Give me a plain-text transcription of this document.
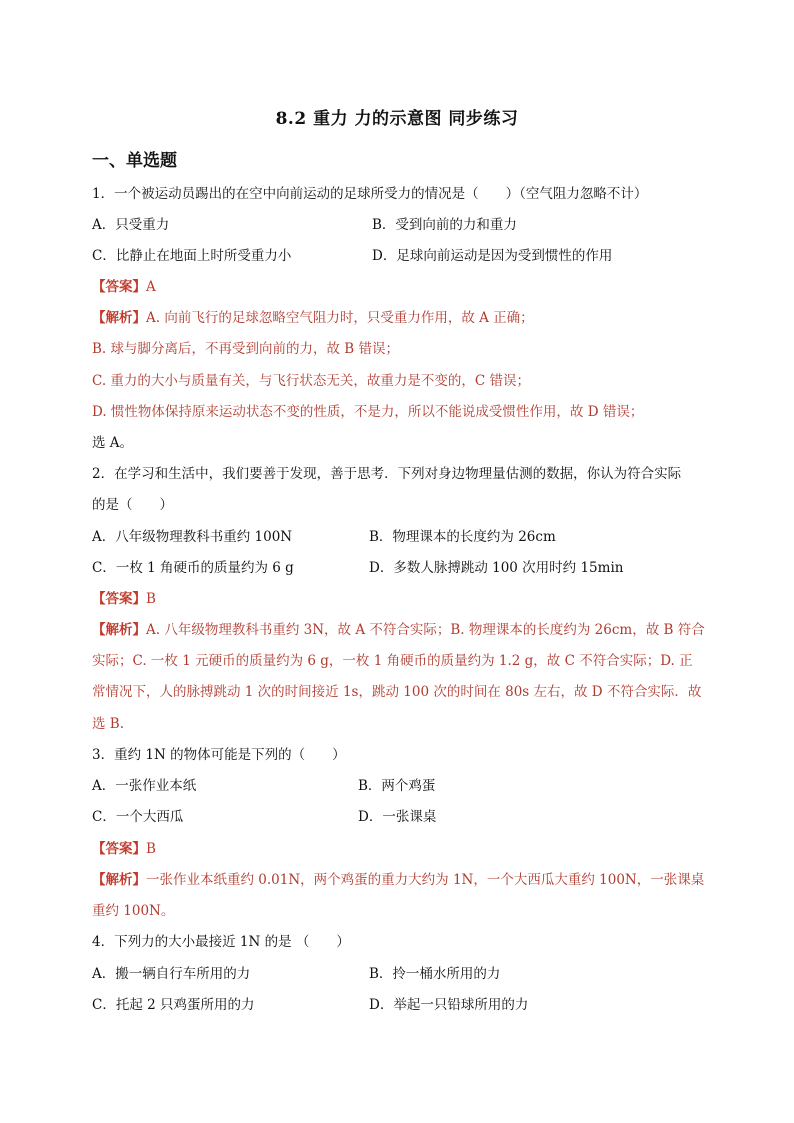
8.2 重力 力的示意图 同步练习
一、单选题
1．一个被运动员踢出的在空中向前运动的足球所受力的情况是（　　）（空气阻力忽略不计）
A．只受重力	B．受到向前的力和重力
C．比静止在地面上时所受重力小	D．足球向前运动是因为受到惯性的作用
【答案】A
【解析】A. 向前飞行的足球忽略空气阻力时，只受重力作用，故 A 正确；
B. 球与脚分离后，不再受到向前的力，故 B 错误；
C. 重力的大小与质量有关，与飞行状态无关，故重力是不变的，C 错误；
D. 惯性物体保持原来运动状态不变的性质，不是力，所以不能说成受惯性作用，故 D 错误；
选 A。
2．在学习和生活中，我们要善于发现，善于思考．下列对身边物理量估测的数据，你认为符合实际
的是（　　）
A．八年级物理教科书重约 100N	B．物理课本的长度约为 26cm
C．一枚 1 角硬币的质量约为 6 g	D．多数人脉搏跳动 100 次用时约 15min
【答案】B
【解析】A. 八年级物理教科书重约 3N，故 A 不符合实际；B. 物理课本的长度约为 26cm，故 B 符合
实际；C. 一枚 1 元硬币的质量约为 6 g，一枚 1 角硬币的质量约为 1.2 g，故 C 不符合实际；D. 正
常情况下，人的脉搏跳动 1 次的时间接近 1s，跳动 100 次的时间在 80s 左右，故 D 不符合实际．故
选 B.
3．重约 1N 的物体可能是下列的（　　）
A．一张作业本纸	B．两个鸡蛋
C．一个大西瓜	D．一张课桌
【答案】B
【解析】一张作业本纸重约 0.01N，两个鸡蛋的重力大约为 1N，一个大西瓜大重约 100N，一张课桌
重约 100N。
4．下列力的大小最接近 1N 的是 （　　）
A．搬一辆自行车所用的力	B．拎一桶水所用的力
C．托起 2 只鸡蛋所用的力	D．举起一只铅球所用的力
